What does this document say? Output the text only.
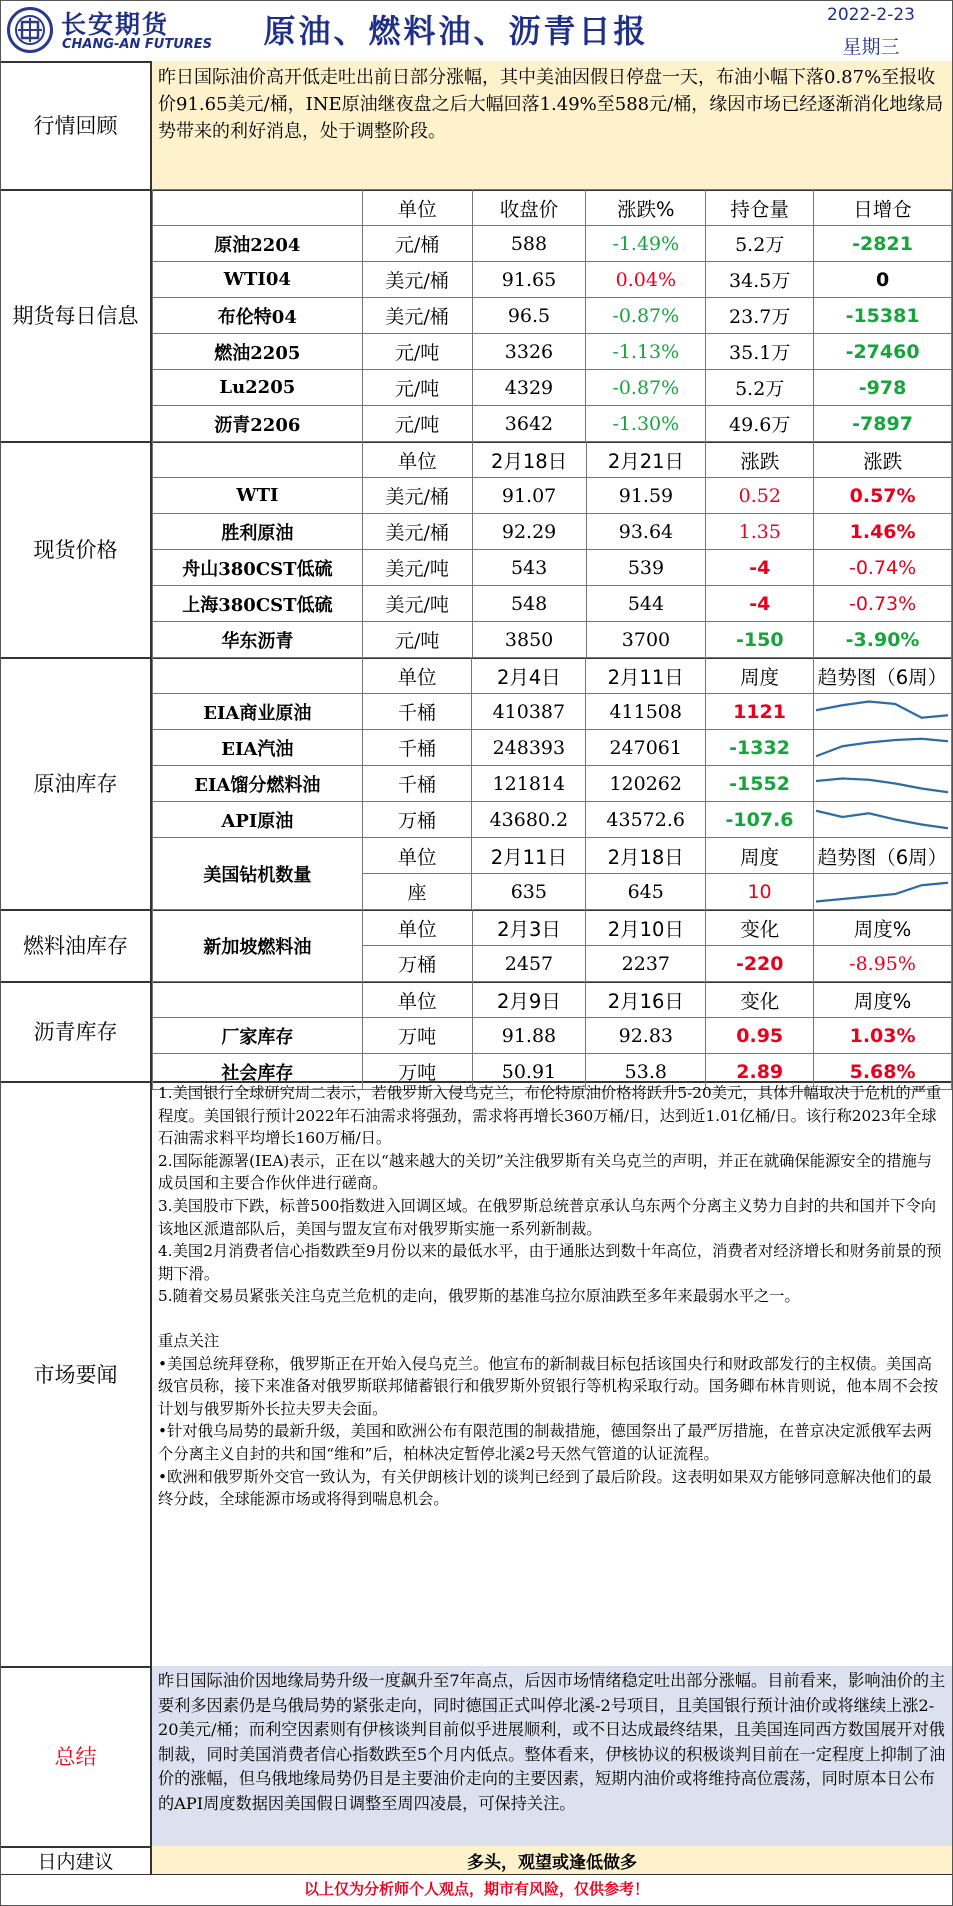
长安期货
CHANG-AN FUTURES	原油、燃料油、沥青日报	2022-2-23
星期三
行情回顾
昨日国际油价高开低走吐出前日部分涨幅，其中美油因假日停盘一天，布油小幅下落0.87%至报收价91.65美元/桶，INE原油继夜盘之后大幅回落1.49%至588元/桶，缘因市场已经逐渐消化地缘局势带来的利好消息，处于调整阶段。
期货每日信息
	单位	收盘价	涨跌%	持仓量	日增仓
原油2204	元/桶	588	-1.49%	5.2万	-2821
WTI04	美元/桶	91.65	0.04%	34.5万	0
布伦特04	美元/桶	96.5	-0.87%	23.7万	-15381
燃油2205	元/吨	3326	-1.13%	35.1万	-27460
Lu2205	元/吨	4329	-0.87%	5.2万	-978
沥青2206	元/吨	3642	-1.30%	49.6万	-7897
现货价格
	单位	2月18日	2月21日	涨跌	涨跌
WTI	美元/桶	91.07	91.59	0.52	0.57%
胜利原油	美元/桶	92.29	93.64	1.35	1.46%
舟山380CST低硫	美元/吨	543	539	-4	-0.74%
上海380CST低硫	美元/吨	548	544	-4	-0.73%
华东沥青	元/吨	3850	3700	-150	-3.90%
原油库存
	单位	2月4日	2月11日	周度	趋势图（6周）
EIA商业原油	千桶	410387	411508	1121	

EIA汽油	千桶	248393	247061	-1332	

EIA馏分燃料油	千桶	121814	120262	-1552	

API原油	万桶	43680.2	43572.6	-107.6	

美国钻机数量	单位	2月11日	2月18日	周度	趋势图（6周）
	座	635	645	10	
燃料油库存	新加坡燃料油	单位	2月3日	2月10日	变化	周度%
	万桶	2457	2237	-220	-8.95%
沥青库存
	单位	2月9日	2月16日	变化	周度%
厂家库存	万吨	91.88	92.83	0.95	1.03%
社会库存	万吨	50.91	53.8	2.89	5.68%
市场要闻

1.美国银行全球研究周二表示，若俄罗斯入侵乌克兰，布伦特原油价格将跃升5-20美元，具体升幅取决于危机的严重程度。美国银行预计2022年石油需求将强劲，需求将再增长360万桶/日，达到近1.01亿桶/日。该行称2023年全球石油需求料平均增长160万桶/日。

2.国际能源署(IEA)表示，正在以“越来越大的关切”关注俄罗斯有关乌克兰的声明，并正在就确保能源安全的措施与成员国和主要合作伙伴进行磋商。

3.美国股市下跌，标普500指数进入回调区域。在俄罗斯总统普京承认乌东两个分离主义势力自封的共和国并下令向该地区派遣部队后，美国与盟友宣布对俄罗斯实施一系列新制裁。

4.美国2月消费者信心指数跌至9月份以来的最低水平，由于通胀达到数十年高位，消费者对经济增长和财务前景的预期下滑。

5.随着交易员紧张关注乌克兰危机的走向，俄罗斯的基准乌拉尔原油跌至多年来最弱水平之一。

重点关注

•美国总统拜登称，俄罗斯正在开始入侵乌克兰。他宣布的新制裁目标包括该国央行和财政部发行的主权债。美国高级官员称，接下来准备对俄罗斯联邦储蓄银行和俄罗斯外贸银行等机构采取行动。国务卿布林肯则说，他本周不会按计划与俄罗斯外长拉夫罗夫会面。

•针对俄乌局势的最新升级，美国和欧洲公布有限范围的制裁措施，德国祭出了最严厉措施，在普京决定派俄军去两个分离主义自封的共和国“维和”后，柏林决定暂停北溪2号天然气管道的认证流程。

•欧洲和俄罗斯外交官一致认为，有关伊朗核计划的谈判已经到了最后阶段。这表明如果双方能够同意解决他们的最终分歧，全球能源市场或将得到喘息机会。

总结
昨日国际油价因地缘局势升级一度飙升至7年高点，后因市场情绪稳定吐出部分涨幅。目前看来，影响油价的主要利多因素仍是乌俄局势的紧张走向，同时德国正式叫停北溪-2号项目，且美国银行预计油价或将继续上涨2-20美元/桶；而利空因素则有伊核谈判目前似乎进展顺利，或不日达成最终结果，且美国连同西方数国展开对俄制裁，同时美国消费者信心指数跌至5个月内低点。整体看来，伊核协议的积极谈判目前在一定程度上抑制了油价的涨幅，但乌俄地缘局势仍目是主要油价走向的主要因素，短期内油价或将维持高位震荡，同时原本日公布的API周度数据因美国假日调整至周四凌晨，可保持关注。
日内建议	多头，观望或逢低做多
以上仅为分析师个人观点，期市有风险，仅供参考！
